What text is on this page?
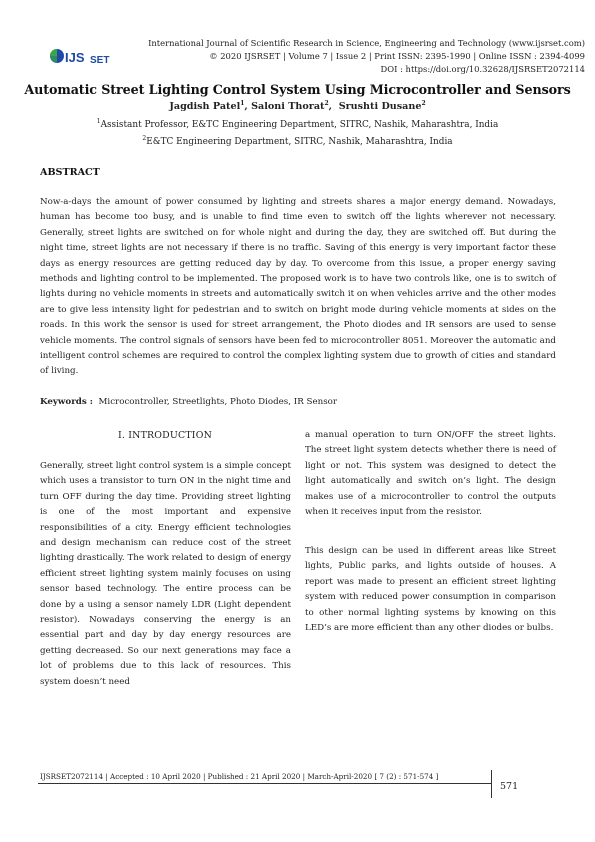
International Journal of Scientific Research in Science, Engineering and Technology (www.ijsrset.com)
© 2020 IJSRSET | Volume 7 | Issue 2 | Print ISSN: 2395-1990 | Online ISSN : 2394-4099
DOI : https://doi.org/10.32628/IJSRSET2072114
IJS SET
Automatic Street Lighting Control System Using Microcontroller and Sensors
Jagdish Patel$^1$, Saloni Thorat$^2$,  Srushti Dusane$^2$
$^1$Assistant Professor, E&TC Engineering Department, SITRC, Nashik, Maharashtra, India
$^2$E&TC Engineering Department, SITRC, Nashik, Maharashtra, India
ABSTRACT
Now-a-days the amount of power consumed by lighting and streets shares a major energy demand. Nowadays, human has become too busy, and is unable to find time even to switch off the lights wherever not necessary. Generally, street lights are switched on for whole night and during the day, they are switched off. But during the night time, street lights are not necessary if there is no traffic. Saving of this energy is very important factor these days as energy resources are getting reduced day by day. To overcome from this issue, a proper energy saving methods and lighting control to be implemented. The proposed work is to have two controls like, one is to switch of lights during no vehicle moments in streets and automatically switch it on when vehicles arrive and the other modes are to give less intensity light for pedestrian and to switch on bright mode during vehicle moments at sides on the roads. In this work the sensor is used for street arrangement, the Photo diodes and IR sensors are used to sense vehicle moments. The control signals of sensors have been fed to microcontroller 8051. Moreover the automatic and intelligent control schemes are required to control the complex lighting system due to growth of cities and standard of living.
Keywords : Microcontroller, Streetlights, Photo Diodes, IR Sensor
I. INTRODUCTION
Generally, street light control system is a simple concept which uses a transistor to turn ON in the night time and turn OFF during the day time. Providing street lighting is one of the most important and expensive responsibilities of a city. Energy efficient technologies and design mechanism can reduce cost of the street lighting drastically. The work related to design of energy efficient street lighting system mainly focuses on using sensor based technology. The entire process can be done by a using a sensor namely LDR (Light dependent resistor). Nowadays conserving the energy is an essential part and day by day energy resources are getting decreased. So our next generations may face a lot of problems due to this lack of resources. This system doesn’t need
a manual operation to turn ON/OFF the street lights. The street light system detects whether there is need of light or not. This system was designed to detect the light automatically and switch on’s light. The design makes use of a microcontroller to control the outputs when it receives input from the resistor.
This design can be used in different areas like Street lights, Public parks, and lights outside of houses. A report was made to present an efficient street lighting system with reduced power consumption in comparison to other normal lighting systems by knowing on this LED’s are more efficient than any other diodes or bulbs.
IJSRSET2072114 | Accepted : 10 April 2020 | Published : 21 April 2020 | March-April-2020 [ 7 (2) : 571-574 ]
571
